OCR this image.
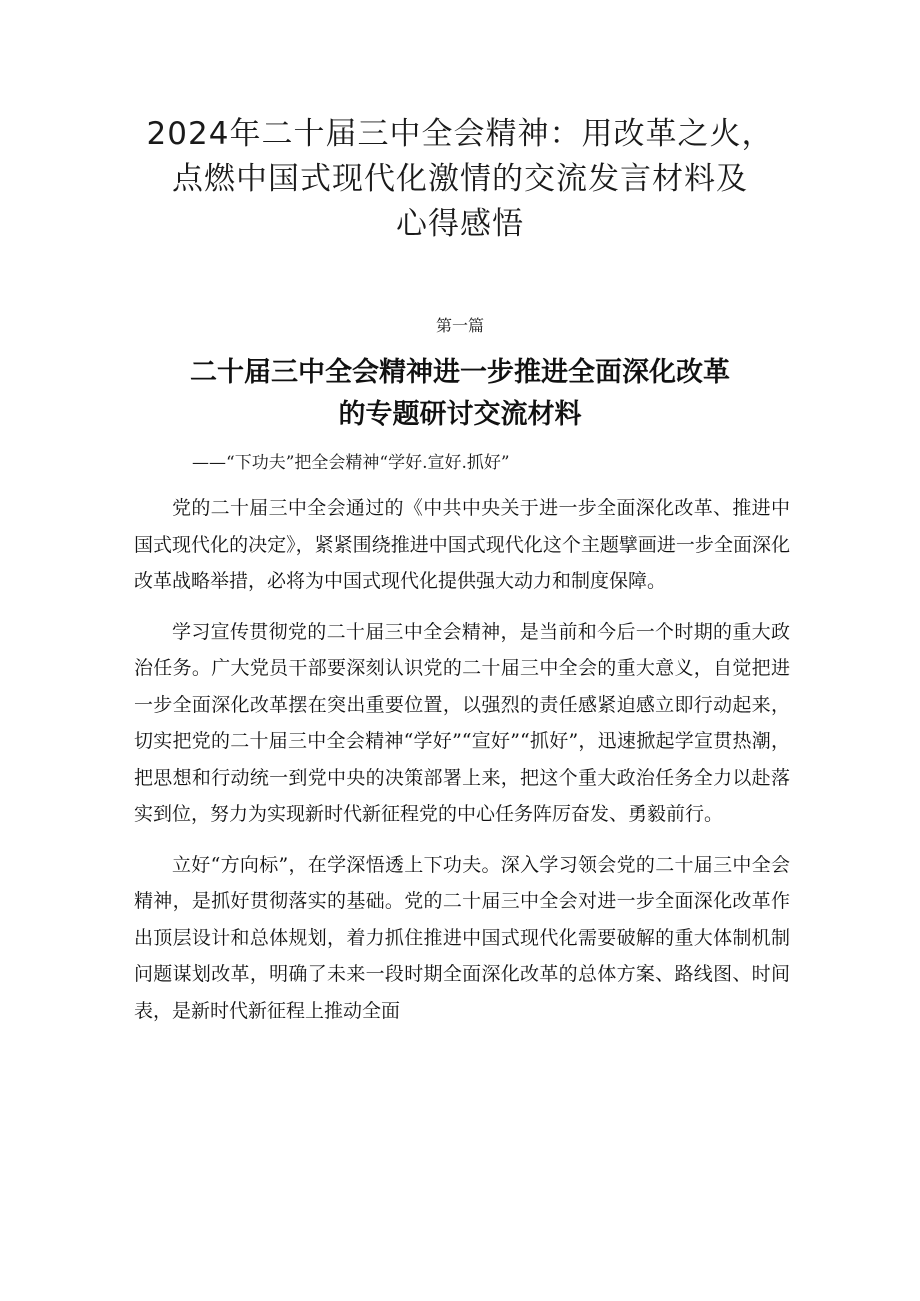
2024年二十届三中全会精神：用改革之火，
点燃中国式现代化激情的交流发言材料及
心得感悟
第一篇
二十届三中全会精神进一步推进全面深化改革
的专题研讨交流材料
——“下功夫”把全会精神“学好.宣好.抓好”

党的二十届三中全会通过的《中共中央关于进一步全面深化改革、推进中国式现代化的决定》，紧紧围绕推进中国式现代化这个主题擘画进一步全面深化改革战略举措，必将为中国式现代化提供强大动力和制度保障。

学习宣传贯彻党的二十届三中全会精神，是当前和今后一个时期的重大政治任务。广大党员干部要深刻认识党的二十届三中全会的重大意义，自觉把进一步全面深化改革摆在突出重要位置，以强烈的责任感紧迫感立即行动起来，切实把党的二十届三中全会精神“学好”“宣好”“抓好”，迅速掀起学宣贯热潮，把思想和行动统一到党中央的决策部署上来，把这个重大政治任务全力以赴落实到位，努力为实现新时代新征程党的中心任务阵厉奋发、勇毅前行。

立好“方向标”，在学深悟透上下功夫。深入学习领会党的二十届三中全会精神，是抓好贯彻落实的基础。党的二十届三中全会对进一步全面深化改革作出顶层设计和总体规划，着力抓住推进中国式现代化需要破解的重大体制机制问题谋划改革，明确了未来一段时期全面深化改革的总体方案、路线图、时间表，是新时代新征程上推动全面
